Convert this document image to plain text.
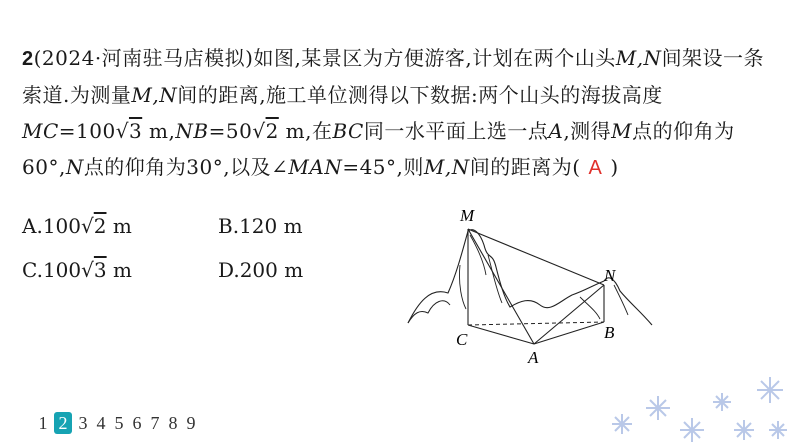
2(2024·河南驻马店模拟)如图,某景区为方便游客,计划在两个山头M,N间架设一条索道.为测量M,N间的距离,施工单位测得以下数据:两个山头的海拔高度MC=100√3 m,NB=50√2 m,在BC同一水平面上选一点A,测得M点的仰角为60°,N点的仰角为30°,以及∠MAN=45°,则M,N间的距离为( A )
A.100√2 m	B.120 m
C.100√3 m	D.200 m
M
N
C	B
A
1 2 3 4 5 6 7 8 9
